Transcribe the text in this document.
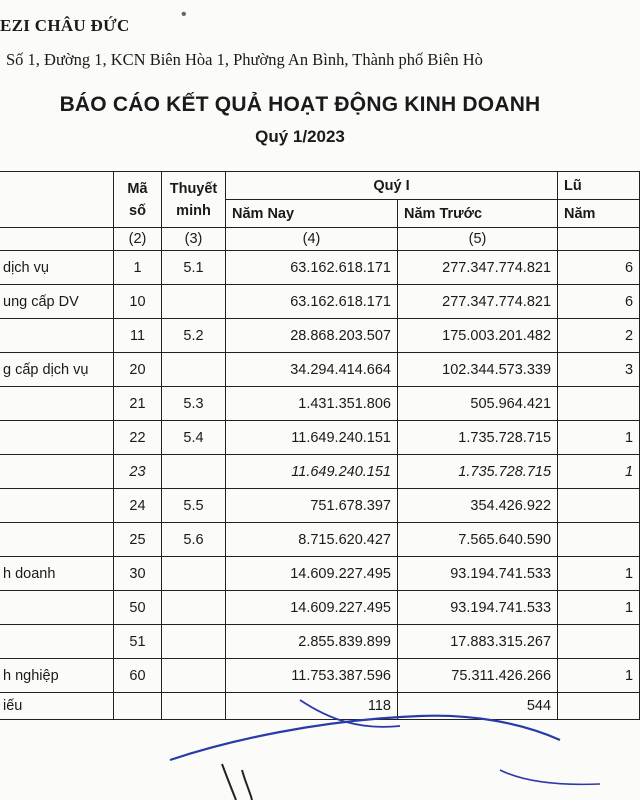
EZI CHÂU ĐỨC
•
Số 1, Đường 1, KCN Biên Hòa 1, Phường An Bình, Thành phố Biên Hò
BÁO CÁO KẾT QUẢ HOẠT ĐỘNG KINH DOANH
Quý 1/2023
	Mã số	Thuyết minh	Quý I		Lũ
			Năm Nay	Năm Trước	Năm
	(2)	(3)	(4)	(5)	
dịch vụ	1	5.1	63.162.618.171	277.347.774.821	6
ung cấp DV	10		63.162.618.171	277.347.774.821	6
	11	5.2	28.868.203.507	175.003.201.482	2
g cấp dịch vụ	20		34.294.414.664	102.344.573.339	3
	21	5.3	1.431.351.806	505.964.421	
	22	5.4	11.649.240.151	1.735.728.715	1
	23		11.649.240.151	1.735.728.715	1
	24	5.5	751.678.397	354.426.922	
	25	5.6	8.715.620.427	7.565.640.590	
h doanh	30		14.609.227.495	93.194.741.533	1
	50		14.609.227.495	93.194.741.533	1
	51		2.855.839.899	17.883.315.267	
h nghiệp	60		11.753.387.596	75.311.426.266	1
iếu			118	544	
